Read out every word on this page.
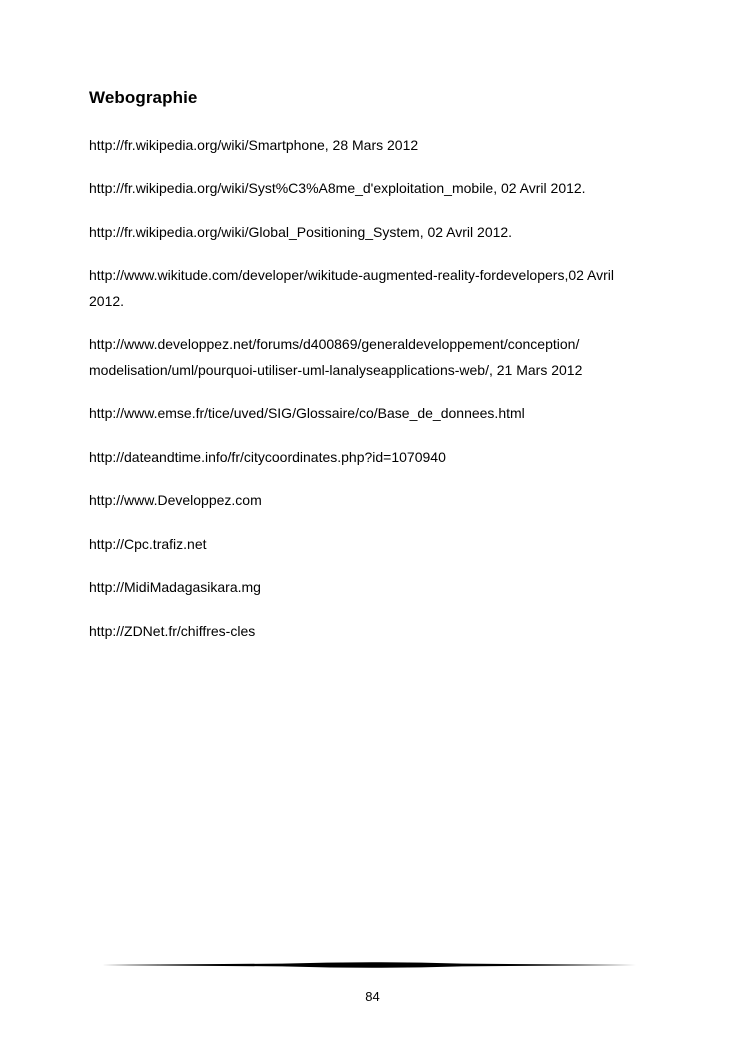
Webographie
http://fr.wikipedia.org/wiki/Smartphone, 28 Mars 2012
http://fr.wikipedia.org/wiki/Syst%C3%A8me_d'exploitation_mobile, 02 Avril 2012.
http://fr.wikipedia.org/wiki/Global_Positioning_System, 02 Avril 2012.
http://www.wikitude.com/developer/wikitude-augmented-reality-fordevelopers,02 Avril
2012.
http://www.developpez.net/forums/d400869/generaldeveloppement/conception/
modelisation/uml/pourquoi-utiliser-uml-lanalyseapplications-web/, 21 Mars 2012
http://www.emse.fr/tice/uved/SIG/Glossaire/co/Base_de_donnees.html
http://dateandtime.info/fr/citycoordinates.php?id=1070940
http://www.Developpez.com
http://Cpc.trafiz.net
http://MidiMadagasikara.mg
http://ZDNet.fr/chiffres-cles
84
